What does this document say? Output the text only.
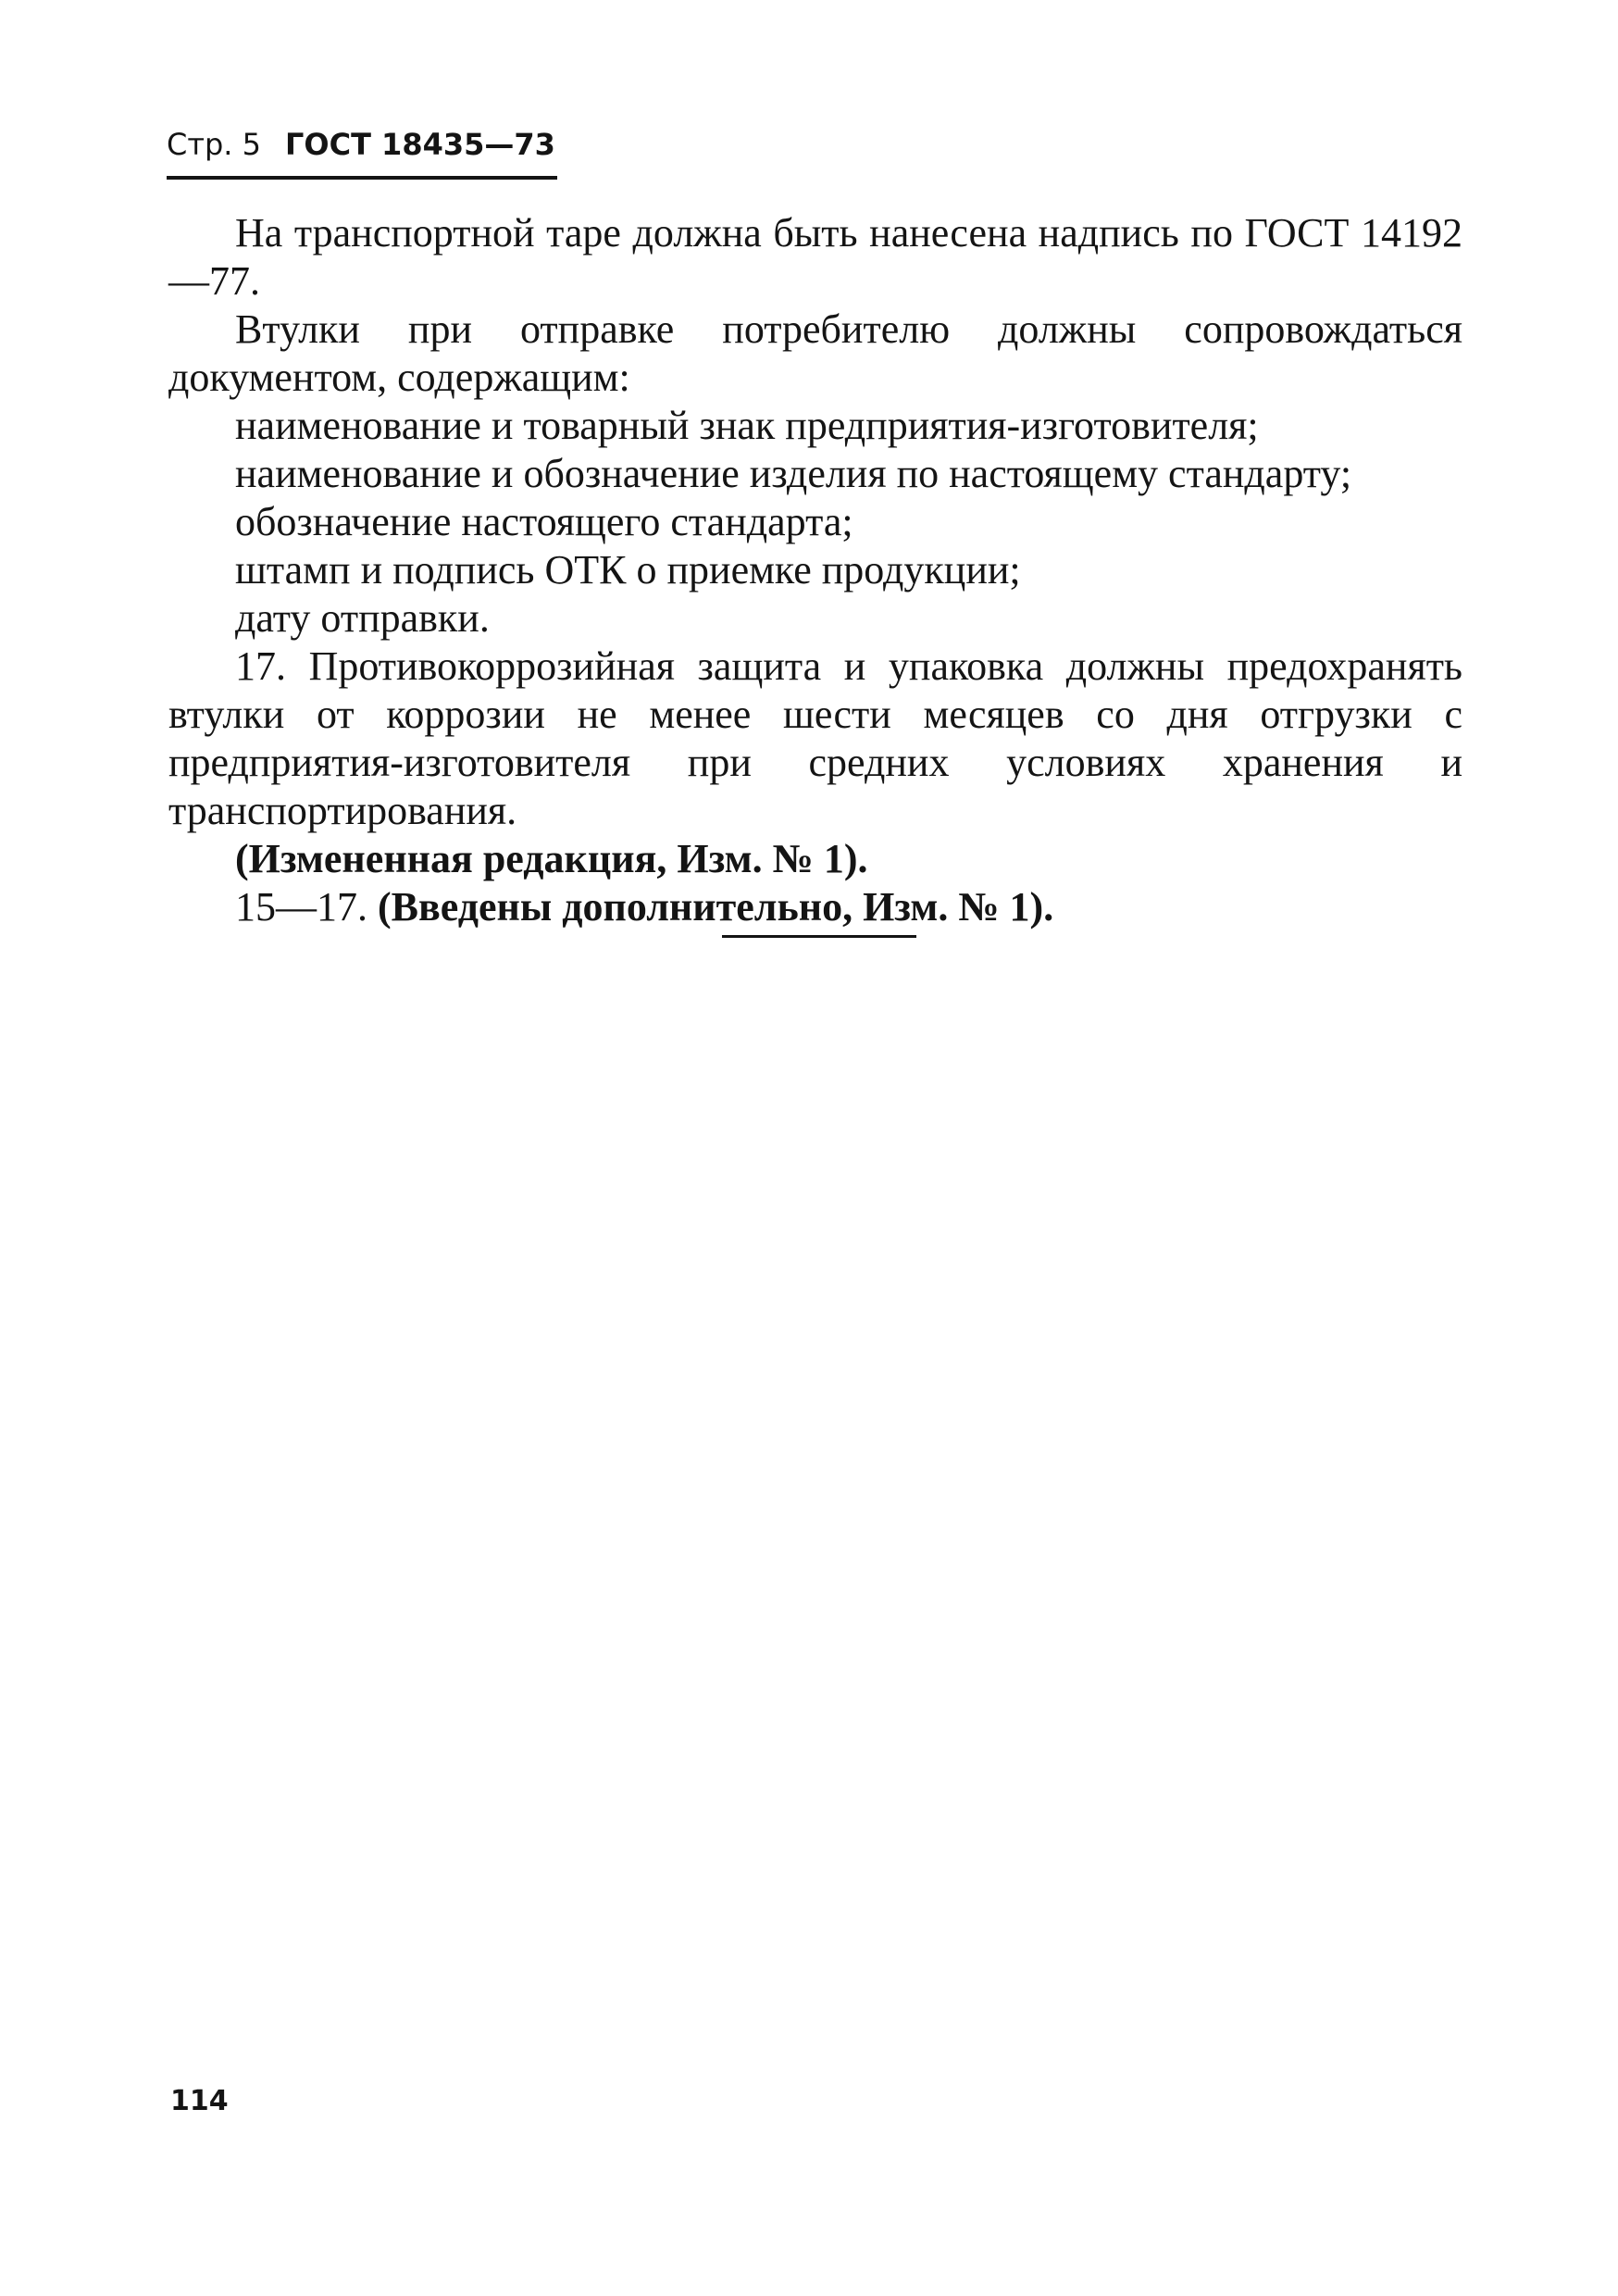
Стр. 5 ГОСТ 18435—73

На транспортной таре должна быть нанесена надпись по ГОСТ 14192—77.

Втулки при отправке потребителю должны сопровождаться документом, содержащим:

наименование и товарный знак предприятия-изготовителя;

наименование и обозначение изделия по настоящему стандарту;

обозначение настоящего стандарта;

штамп и подпись ОТК о приемке продукции;

дату отправки.

17. Противокоррозийная защита и упаковка должны предохранять втулки от коррозии не менее шести месяцев со дня отгрузки с предприятия-изготовителя при средних условиях хранения и транспортирования.

(Измененная редакция, Изм. № 1).

15—17. (Введены дополнительно, Изм. № 1).

114
